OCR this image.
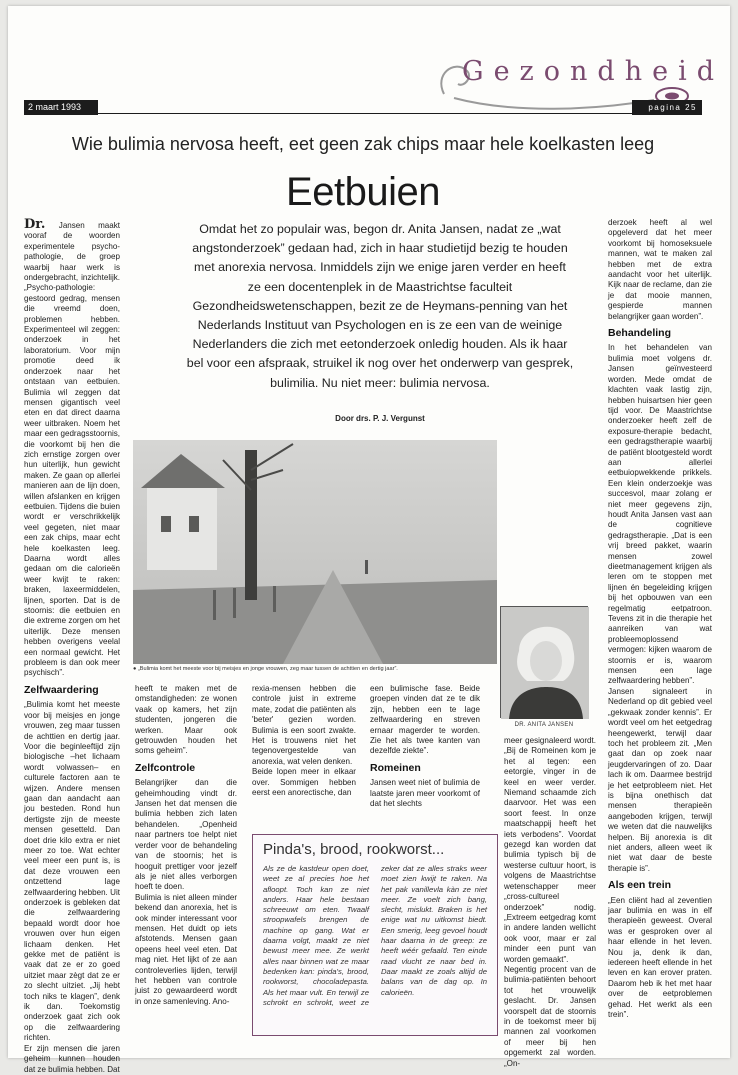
Gezondheid
2 maart 1993	pagina 25
Wie bulimia nervosa heeft, eet geen zak chips maar hele koelkasten leeg
Eetbuien
Omdat het zo populair was, begon dr. Anita Jansen, nadat ze „wat angstonderzoek” gedaan had, zich in haar studietijd bezig te houden met anorexia nervosa. Inmiddels zijn we enige jaren verder en heeft ze een docentenplek in de Maastrichtse faculteit Gezondheidswetenschappen, bezit ze de Heymans-penning van het Nederlands Instituut van Psychologen en is ze een van de weinige Nederlanders die zich met eetonderzoek onledig houden. Als ik haar bel voor een afspraak, struikel ik nog over het onderwerp van gesprek, bulimilia. Nu niet meer: bulimia nervosa.
Door drs. P. J. Vergunst

Dr. Jansen maakt vooraf de woorden experimentele psycho-pathologie, de groep waarbij haar werk is ondergebracht, inzichtelijk. „Psycho-pathologie: gestoord gedrag, mensen die vreemd doen, problemen hebben. Experimenteel wil zeggen: onderzoek in het laboratorium. Voor mijn promotie deed ik onderzoek naar het ontstaan van eetbuien. Bulimia wil zeggen dat mensen gigantisch veel eten en dat direct daarna weer uitbraken. Noem het maar een gedragsstoornis, die voorkomt bij hen die zich ernstige zorgen over hun uiterlijk, hun gewicht maken. Ze gaan op allerlei manieren aan de lijn doen, willen afslanken en krijgen eetbuien. Tijdens die buien wordt er verschrikkelijk veel gegeten, niet maar een zak chips, maar echt hele koelkasten leeg. Daarna wordt alles gedaan om die calorieën weer kwijt te raken: braken, laxeermiddelen, lijnen, sporten. Dat is de stoornis: die eetbuien en die extreme zorgen om het uiterlijk. Deze mensen hebben overigens veelal een normaal gewicht. Het probleem is dan ook meer psychisch”.

Zelfwaardering

„Bulimia komt het meeste voor bij meisjes en jonge vrouwen, zeg maar tussen de achttien en dertig jaar. Voor die beginleeftijd zijn biologische –het lichaam wordt volwassen– en culturele factoren aan te wijzen. Andere mensen gaan dan aandacht aan jou besteden. Rond hun dertigste zijn de meeste mensen gesetteld. Dan doet drie kilo extra er niet meer zo toe. Wat echter veel meer een punt is, is dat deze vrouwen een ontzettend lage zelfwaardering hebben. Uit onderzoek is gebleken dat die zelfwaardering bepaald wordt door hoe vrouwen over hun eigen lichaam denken. Het gekke met de patiënt is vaak dat ze er zo goed uitziet maar zègt dat ze er zo slecht uitziet. „Jij hebt toch niks te klagen”, denk ik dan. Toekomstig onderzoek gaat zich ook op die zelfwaardering richten.

Er zijn mensen die jaren geheim kunnen houden dat ze bulimia hebben. Dat

heeft te maken met de omstandigheden: ze wonen vaak op kamers, het zijn studenten, jongeren die werken. Maar ook getrouwden houden het soms geheim”.

Zelfcontrole

Belangrijker dan die geheimhouding vindt dr. Jansen het dat mensen die bulimia hebben zich laten behandelen. „Openheid naar partners toe helpt niet verder voor de behandeling van de stoornis; het is hooguit prettiger voor jezelf als je niet alles verborgen hoeft te doen.

Bulimia is niet alleen minder bekend dan anorexia, het is ook minder interessant voor mensen. Het duidt op iets afstotends. Mensen gaan opeens heel veel eten. Dat mag niet. Het lijkt of ze aan controleverlies lijden, terwijl het hebben van controle juist zo gewaardeerd wordt in onze samenleving. Ano-

rexia-mensen hebben die controle juist in extreme mate, zodat die patiënten als 'beter' gezien worden. Bulimia is een soort zwakte. Het is trouwens niet het tegenovergestelde van anorexia, wat velen denken.

Beide lopen meer in elkaar over. Sommigen hebben eerst een anorectische, dan

een bulimische fase. Beide groepen vinden dat ze te dik zijn, hebben een te lage zelfwaardering en streven ernaar magerder te worden. Zie het als twee kanten van dezelfde ziekte”.

Romeinen

Jansen weet niet of bulimia de laatste jaren meer voorkomt of dat het slechts

meer gesignaleerd wordt. „Bij de Romeinen kom je het al tegen: een eetorgie, vinger in de keel en weer verder. Niemand schaamde zich daarvoor. Het was een soort feest. In onze maatschappij heeft het iets verbodens”. Voordat gezegd kan worden dat bulimia typisch bij de westerse cultuur hoort, is volgens de Maastrichtse wetenschapper meer „cross-cultureel onderzoek” nodig. „Extreem eetgedrag komt in andere landen wellicht ook voor, maar er zal minder een punt van worden gemaakt”.

Negentig procent van de bulimia-patiënten behoort tot het vrouwelijk geslacht. Dr. Jansen voorspelt dat de stoornis in de toekomst meer bij mannen zal voorkomen of meer bij hen opgemerkt zal worden. „On-

derzoek heeft al wel opgeleverd dat het meer voorkomt bij homoseksuele mannen, wat te maken zal hebben met de extra aandacht voor het uiterlijk. Kijk naar de reclame, dan zie je dat mooie mannen, gespierde mannen belangrijker gaan worden”.

Behandeling

In het behandelen van bulimia moet volgens dr. Jansen geïnvesteerd worden. Mede omdat de klachten vaak lastig zijn, hebben huisartsen hier geen tijd voor. De Maastrichtse onderzoeker heeft zelf de exposure-therapie bedacht, een gedragstherapie waarbij de patiënt blootgesteld wordt aan allerlei eetbuiopwekkende prikkels. Een klein onderzoekje was succesvol, maar zolang er niet meer gegevens zijn, houdt Anita Jansen vast aan de cognitieve gedragstherapie. „Dat is een vrij breed pakket, waarin mensen zowel dieetmanagement krijgen als leren om te stoppen met lijnen én begeleiding krijgen bij het opbouwen van een regelmatig eetpatroon. Tevens zit in die therapie het aanreiken van wat probleemoplossend vermogen: kijken waarom de stoornis er is, waarom mensen een lage zelfwaardering hebben”.

Jansen signaleert in Nederland op dit gebied veel „gekwaak zonder kennis”. Er wordt veel om het eetgedrag heengewerkt, terwijl daar toch het probleem zit. „Men gaat dan op zoek naar jeugdervaringen of zo. Daar lach ik om. Daarmee bestrijd je het eetprobleem niet. Het is bijna onethisch dat mensen therapieën aangeboden krijgen, terwijl we weten dat die nauwelijks helpen. Bij anorexia is dit niet anders, alleen weet ik niet wat daar de beste therapie is”.

Als een trein

„Een cliënt had al zeventien jaar bulimia en was in elf therapieën geweest. Overal was er gesproken over al haar ellende in het leven. Nou ja, denk ik dan, iedereen heeft ellende in het leven en kan erover praten. Daarom heb ik het met haar over de eetproblemen gehad. Het werkt als een trein”.

● „Bulimia komt het meeste voor bij meisjes en jonge vrouwen, zeg maar tussen de achttien en dertig jaar”.
DR. ANITA JANSEN
Pinda's, brood, rookworst...
Als ze de kastdeur open doet, weet ze al precies hoe het afloopt. Toch kan ze niet anders. Haar hele bestaan schreeuwt om eten. Twaalf stroopwafels brengen de machine op gang. Wat er daarna volgt, maakt ze niet bewust meer mee. Ze werkt alles naar binnen wat ze maar bedenken kan: pinda's, brood, rookworst, chocoladepasta. Als het maar vult. En terwijl ze schrokt en schrokt, weet ze zeker dat ze alles straks weer moet zien kwijt te raken. Na het pak vanillevla kàn ze niet meer. Ze voelt zich bang, slecht, mislukt. Braken is het enige wat nu uitkomst biedt. Een smerig, leeg gevoel houdt haar daarna in de greep: ze heeft wéér gefaald. Ten einde raad vlucht ze naar bed in. Daar maakt ze zoals altijd de balans van de dag op. In calorieën.
